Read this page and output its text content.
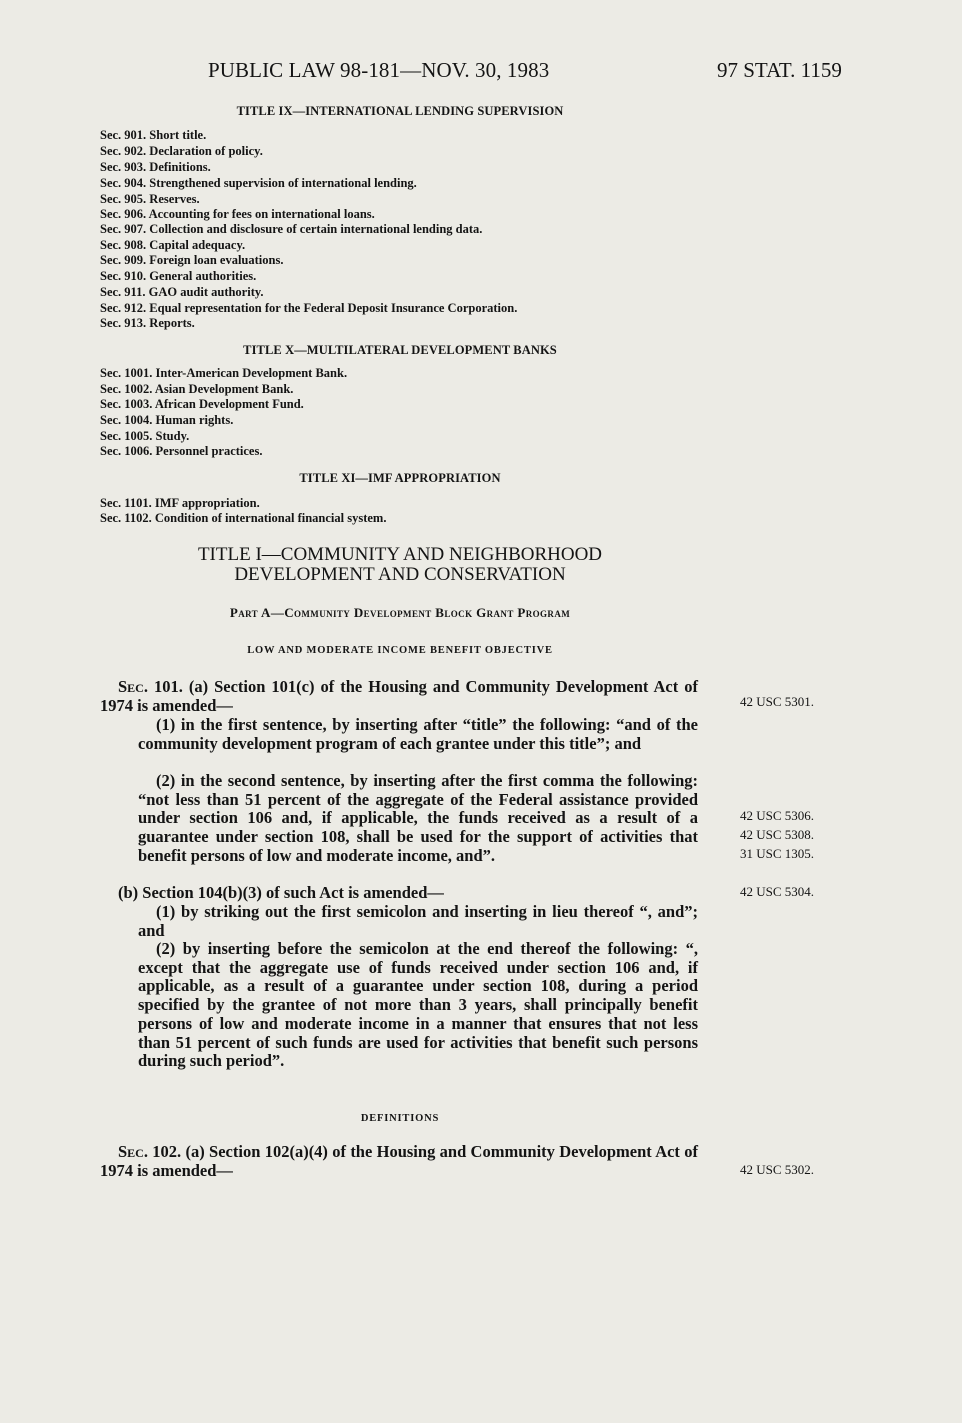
PUBLIC LAW 98-181—NOV. 30, 1983	97 STAT. 1159
TITLE IX—INTERNATIONAL LENDING SUPERVISION
Sec. 901. Short title.
Sec. 902. Declaration of policy.
Sec. 903. Definitions.
Sec. 904. Strengthened supervision of international lending.
Sec. 905. Reserves.
Sec. 906. Accounting for fees on international loans.
Sec. 907. Collection and disclosure of certain international lending data.
Sec. 908. Capital adequacy.
Sec. 909. Foreign loan evaluations.
Sec. 910. General authorities.
Sec. 911. GAO audit authority.
Sec. 912. Equal representation for the Federal Deposit Insurance Corporation.
Sec. 913. Reports.
TITLE X—MULTILATERAL DEVELOPMENT BANKS
Sec. 1001. Inter-American Development Bank.
Sec. 1002. Asian Development Bank.
Sec. 1003. African Development Fund.
Sec. 1004. Human rights.
Sec. 1005. Study.
Sec. 1006. Personnel practices.
TITLE XI—IMF APPROPRIATION
Sec. 1101. IMF appropriation.
Sec. 1102. Condition of international financial system.
TITLE I—COMMUNITY AND NEIGHBORHOOD
DEVELOPMENT AND CONSERVATION
Part A—Community Development Block Grant Program
LOW AND MODERATE INCOME BENEFIT OBJECTIVE
Sec. 101. (a) Section 101(c) of the Housing and Community Development Act of 1974 is amended—
(1) in the first sentence, by inserting after “title” the following: “and of the community development program of each grantee under this title”; and
(2) in the second sentence, by inserting after the first comma the following: “not less than 51 percent of the aggregate of the Federal assistance provided under section 106 and, if applicable, the funds received as a result of a guarantee under section 108, shall be used for the support of activities that benefit persons of low and moderate income, and”.
(b) Section 104(b)(3) of such Act is amended—
(1) by striking out the first semicolon and inserting in lieu thereof “, and”; and
(2) by inserting before the semicolon at the end thereof the following: “, except that the aggregate use of funds received under section 106 and, if applicable, as a result of a guarantee under section 108, during a period specified by the grantee of not more than 3 years, shall principally benefit persons of low and moderate income in a manner that ensures that not less than 51 percent of such funds are used for activities that benefit such persons during such period”.
DEFINITIONS
Sec. 102. (a) Section 102(a)(4) of the Housing and Community Development Act of 1974 is amended—
42 USC 5301.
42 USC 5306.
42 USC 5308.
31 USC 1305.
42 USC 5304.
42 USC 5302.
